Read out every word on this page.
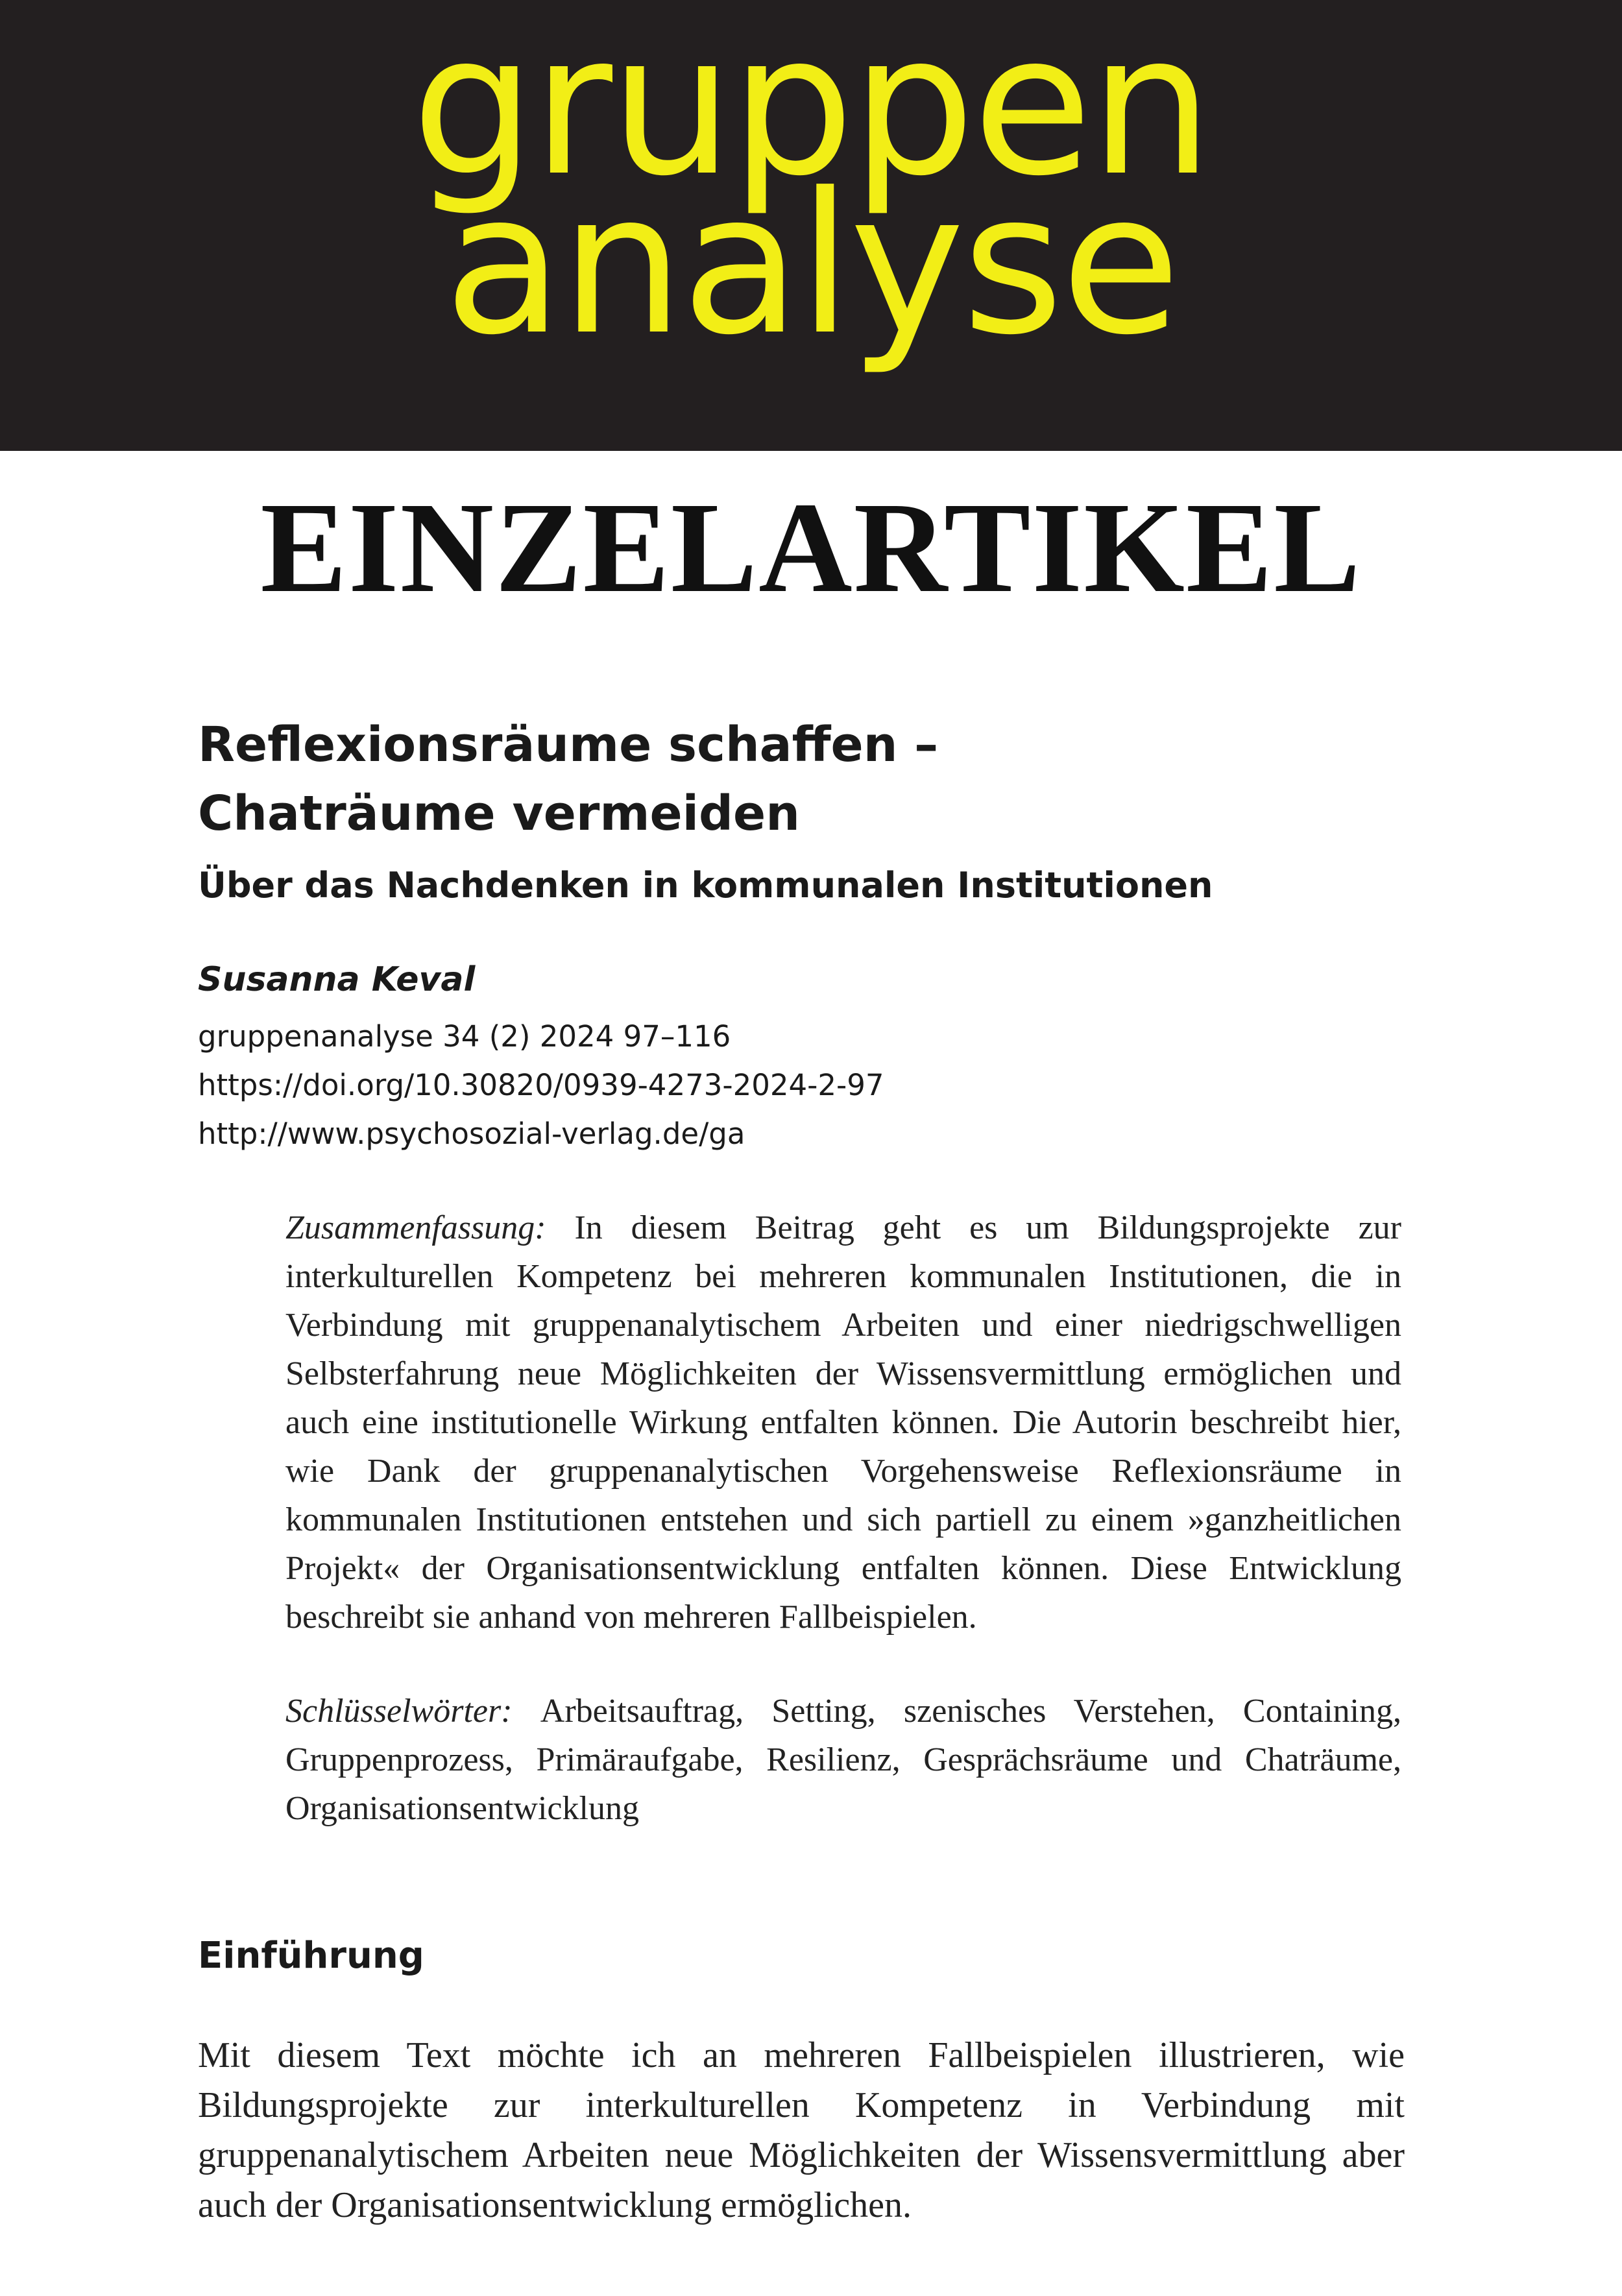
gruppen
analyse
EINZELARTIKEL
Reflexionsräume schaffen –
Chaträume vermeiden
Über das Nachdenken in kommunalen Institutionen
Susanna Keval
gruppenanalyse 34 (2) 2024 97–116
https://doi.org/10.30820/0939-4273-2024-2-97
http://www.psychosozial-verlag.de/ga
Zusammenfassung: In diesem Beitrag geht es um Bildungsprojekte zur interkulturellen Kompetenz bei mehreren kommunalen Institutionen, die in Verbindung mit gruppenanalytischem Arbeiten und einer niedrigschwelligen Selbsterfahrung neue Möglichkeiten der Wissensvermittlung ermöglichen und auch eine institutionelle Wirkung entfalten können. Die Autorin beschreibt hier, wie Dank der gruppenanalytischen Vorgehensweise Reflexionsräume in kommunalen Institutionen entstehen und sich partiell zu einem »ganzheitlichen Projekt« der Organisationsentwicklung entfalten können. Diese Entwicklung beschreibt sie anhand von mehreren Fallbeispielen.
Schlüsselwörter: Arbeitsauftrag, Setting, szenisches Verstehen, Containing, Gruppenprozess, Primäraufgabe, Resilienz, Gesprächsräume und Chaträume, Organisationsentwicklung
Einführung
Mit diesem Text möchte ich an mehreren Fallbeispielen illustrieren, wie Bildungsprojekte zur interkulturellen Kompetenz in Verbindung mit gruppenanalytischem Arbeiten neue Möglichkeiten der Wissensvermittlung aber auch der Organisationsentwicklung ermöglichen.
